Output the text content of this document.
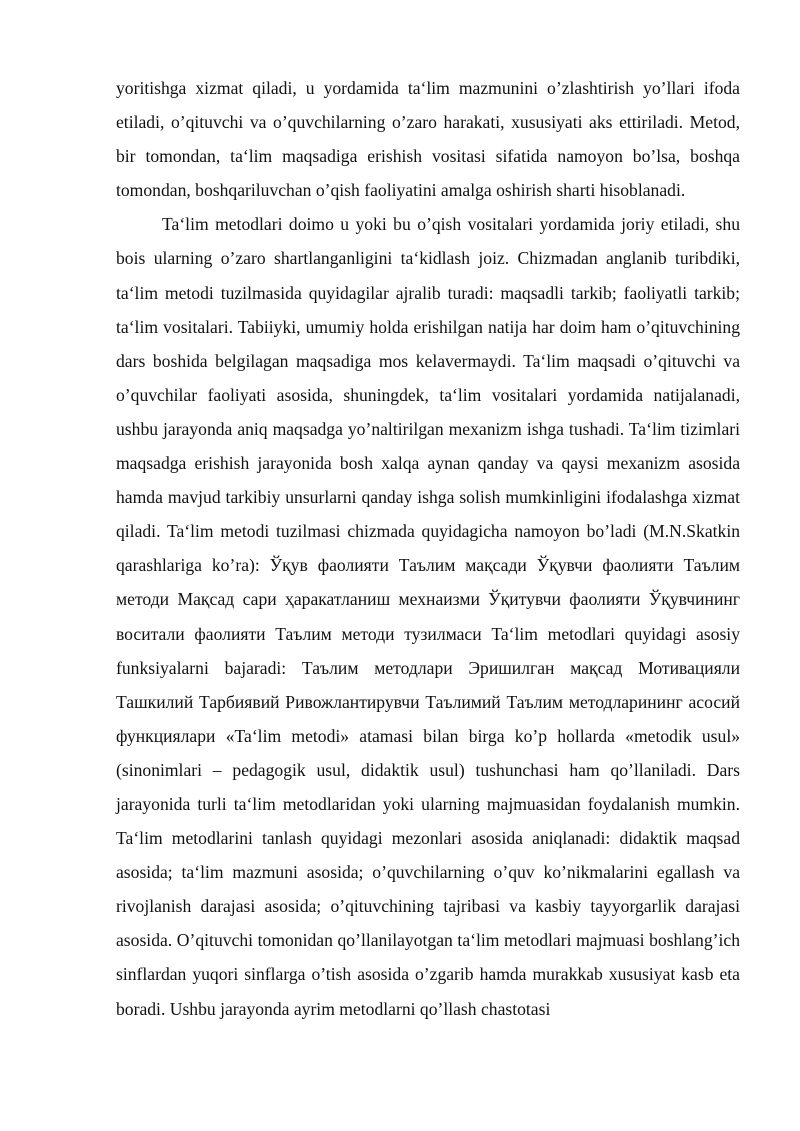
yoritishga xizmat qiladi, u yordamida ta‘lim mazmunini o’zlashtirish yo’llari ifoda etiladi, o’qituvchi va o’quvchilarning o’zaro harakati, xususiyati aks ettiriladi. Metod, bir tomondan, ta‘lim maqsadiga erishish vositasi sifatida namoyon bo’lsa, boshqa tomondan, boshqariluvchan o’qish faoliyatini amalga oshirish sharti hisoblanadi.

Ta‘lim metodlari doimo u yoki bu o’qish vositalari yordamida joriy etiladi, shu bois ularning o’zaro shartlanganligini ta‘kidlash joiz. Chizmadan anglanib turibdiki, ta‘lim metodi tuzilmasida quyidagilar ajralib turadi: maqsadli tarkib; faoliyatli tarkib; ta‘lim vositalari. Tabiiyki, umumiy holda erishilgan natija har doim ham o’qituvchining dars boshida belgilagan maqsadiga mos kelavermaydi. Ta‘lim maqsadi o’qituvchi va o’quvchilar faoliyati asosida, shuningdek, ta‘lim vositalari yordamida natijalanadi, ushbu jarayonda aniq maqsadga yo’naltirilgan mexanizm ishga tushadi. Ta‘lim tizimlari maqsadga erishish jarayonida bosh xalqa aynan qanday va qaysi mexanizm asosida hamda mavjud tarkibiy unsurlarni qanday ishga solish mumkinligini ifodalashga xizmat qiladi. Ta‘lim metodi tuzilmasi chizmada quyidagicha namoyon bo’ladi (M.N.Skatkin qarashlariga ko’ra): Ўқув фаолияти Таълим мақсади Ўқувчи фаолияти Таълим методи Мақсад сари ҳаракатланиш мехнаизми Ўқитувчи фаолияти Ўқувчининг воситали фаолияти Таълим методи тузилмаси Ta‘lim metodlari quyidagi asosiy funksiyalarni bajaradi: Таълим методлари Эришилган мақсад Мотивацияли Ташкилий Тарбиявий Ривожлантирувчи Таълимий Таълим методларининг асосий функциялари «Ta‘lim metodi» atamasi bilan birga ko’p hollarda «metodik usul» (sinonimlari – pedagogik usul, didaktik usul) tushunchasi ham qo’llaniladi. Dars jarayonida turli ta‘lim metodlaridan yoki ularning majmuasidan foydalanish mumkin. Ta‘lim metodlarini tanlash quyidagi mezonlari asosida aniqlanadi: didaktik maqsad asosida; ta‘lim mazmuni asosida; o’quvchilarning o’quv ko’nikmalarini egallash va rivojlanish darajasi asosida; o’qituvchining tajribasi va kasbiy tayyorgarlik darajasi asosida. O’qituvchi tomonidan qo’llanilayotgan ta‘lim metodlari majmuasi boshlang’ich sinflardan yuqori sinflarga o’tish asosida o’zgarib hamda murakkab xususiyat kasb eta boradi. Ushbu jarayonda ayrim metodlarni qo’llash chastotasi
